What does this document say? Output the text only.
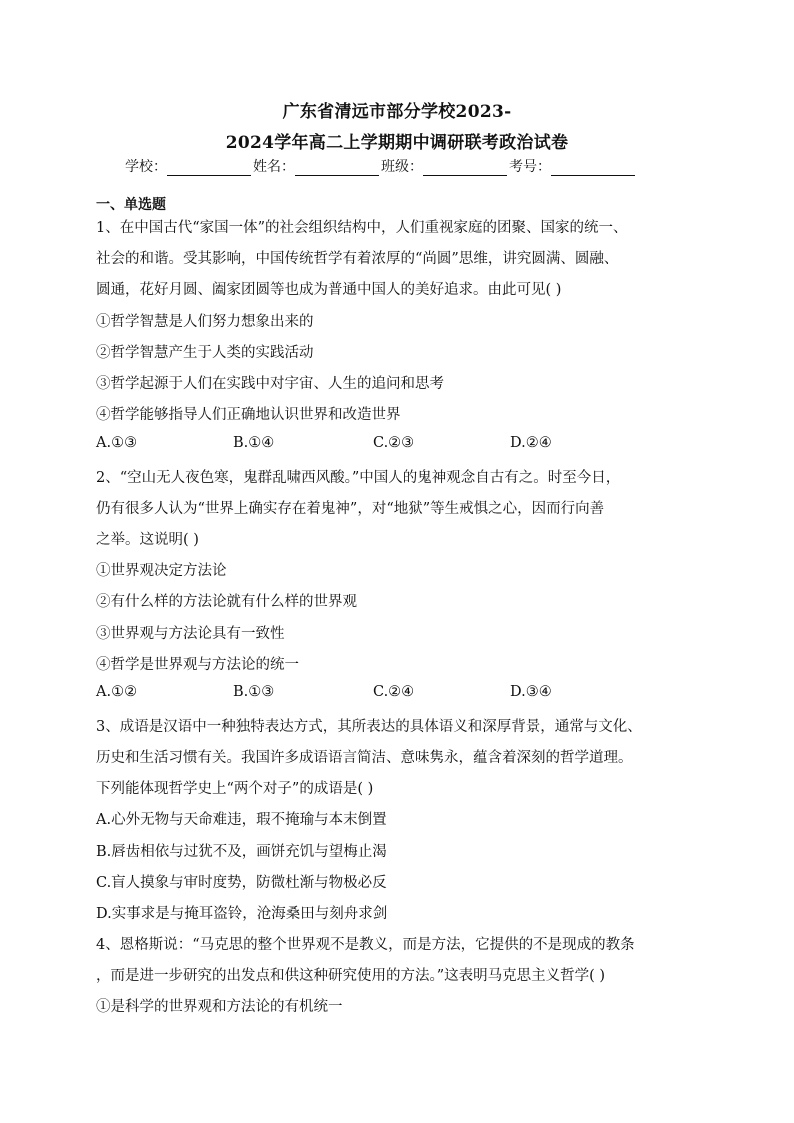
广东省清远市部分学校2023-
2024学年高二上学期期中调研联考政治试卷
学校：	姓名：	班级：	考号：
一、单选题
1、在中国古代“家国一体”的社会组织结构中，人们重视家庭的团聚、国家的统一、
社会的和谐。受其影响，中国传统哲学有着浓厚的“尚圆”思维，讲究圆满、圆融、
圆通，花好月圆、阖家团圆等也成为普通中国人的美好追求。由此可见( )
①哲学智慧是人们努力想象出来的
②哲学智慧产生于人类的实践活动
③哲学起源于人们在实践中对宇宙、人生的追问和思考
④哲学能够指导人们正确地认识世界和改造世界
A.①③	B.①④	C.②③	D.②④
2、“空山无人夜色寒，鬼群乱啸西风酸。”中国人的鬼神观念自古有之。时至今日，
仍有很多人认为“世界上确实存在着鬼神”，对“地狱”等生戒惧之心，因而行向善
之举。这说明( )
①世界观决定方法论
②有什么样的方法论就有什么样的世界观
③世界观与方法论具有一致性
④哲学是世界观与方法论的统一
A.①②	B.①③	C.②④	D.③④
3、成语是汉语中一种独特表达方式，其所表达的具体语义和深厚背景，通常与文化、
历史和生活习惯有关。我国许多成语语言简洁、意味隽永，蕴含着深刻的哲学道理。
下列能体现哲学史上“两个对子”的成语是( )
A.心外无物与天命难违，瑕不掩瑜与本末倒置
B.唇齿相依与过犹不及，画饼充饥与望梅止渴
C.盲人摸象与审时度势，防微杜渐与物极必反
D.实事求是与掩耳盗铃，沧海桑田与刻舟求剑
4、恩格斯说：“马克思的整个世界观不是教义，而是方法，它提供的不是现成的教条
，而是进一步研究的出发点和供这种研究使用的方法。”这表明马克思主义哲学( )
①是科学的世界观和方法论的有机统一
